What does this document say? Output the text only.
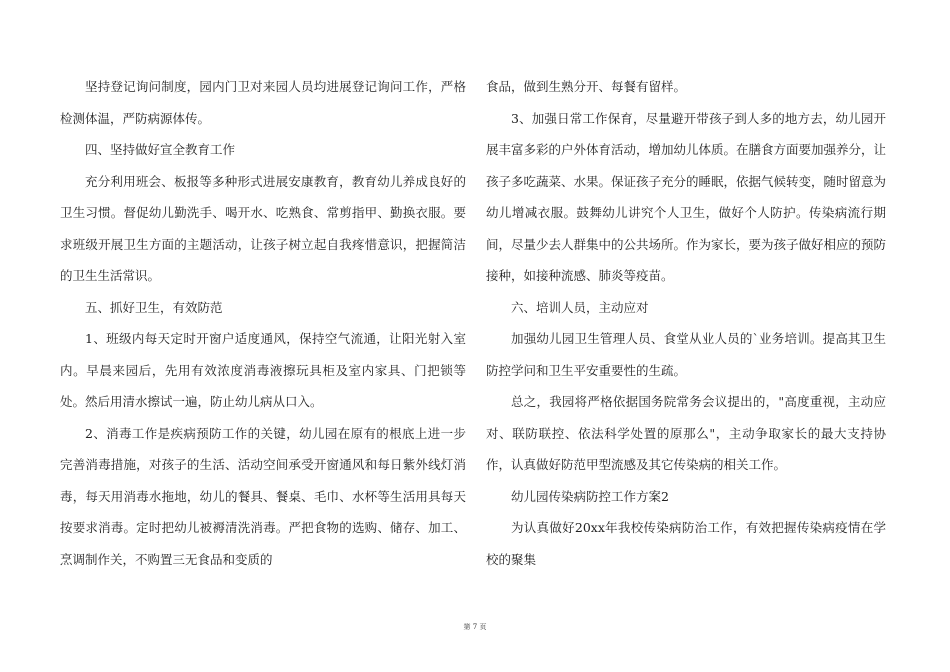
坚持登记询问制度，园内门卫对来园人员均进展登记询问工作，严格检测体温，严防病源体传。

四、坚持做好宣全教育工作

充分利用班会、板报等多种形式进展安康教育，教育幼儿养成良好的卫生习惯。督促幼儿勤洗手、喝开水、吃熟食、常剪指甲、勤换衣服。要求班级开展卫生方面的主题活动，让孩子树立起自我疼惜意识，把握简洁的卫生生活常识。

五、抓好卫生，有效防范

1、班级内每天定时开窗户适度通风，保持空气流通，让阳光射入室内。早晨来园后，先用有效浓度消毒液擦玩具柜及室内家具、门把锁等处。然后用清水擦试一遍，防止幼儿病从口入。

2、消毒工作是疾病预防工作的关键，幼儿园在原有的根底上进一步完善消毒措施，对孩子的生活、活动空间承受开窗通风和每日紫外线灯消毒，每天用消毒水拖地，幼儿的餐具、餐桌、毛巾、水杯等生活用具每天按要求消毒。定时把幼儿被褥清洗消毒。严把食物的选购、储存、加工、烹调制作关，不购置三无食品和变质的

食品，做到生熟分开、每餐有留样。

3、加强日常工作保育，尽量避开带孩子到人多的地方去，幼儿园开展丰富多彩的户外体育活动，增加幼儿体质。在膳食方面要加强养分，让孩子多吃蔬菜、水果。保证孩子充分的睡眠，依据气候转变，随时留意为幼儿增减衣服。鼓舞幼儿讲究个人卫生，做好个人防护。传染病流行期间，尽量少去人群集中的公共场所。作为家长，要为孩子做好相应的预防接种，如接种流感、肺炎等疫苗。

六、培训人员，主动应对

加强幼儿园卫生管理人员、食堂从业人员的`业务培训。提高其卫生防控学问和卫生平安重要性的生疏。

总之，我园将严格依据国务院常务会议提出的，"高度重视，主动应对、联防联控、依法科学处置的原那么"，主动争取家长的最大支持协作，认真做好防范甲型流感及其它传染病的相关工作。

幼儿园传染病防控工作方案2

为认真做好20xx年我校传染病防治工作，有效把握传染病疫情在学校的聚集

第 7 页
